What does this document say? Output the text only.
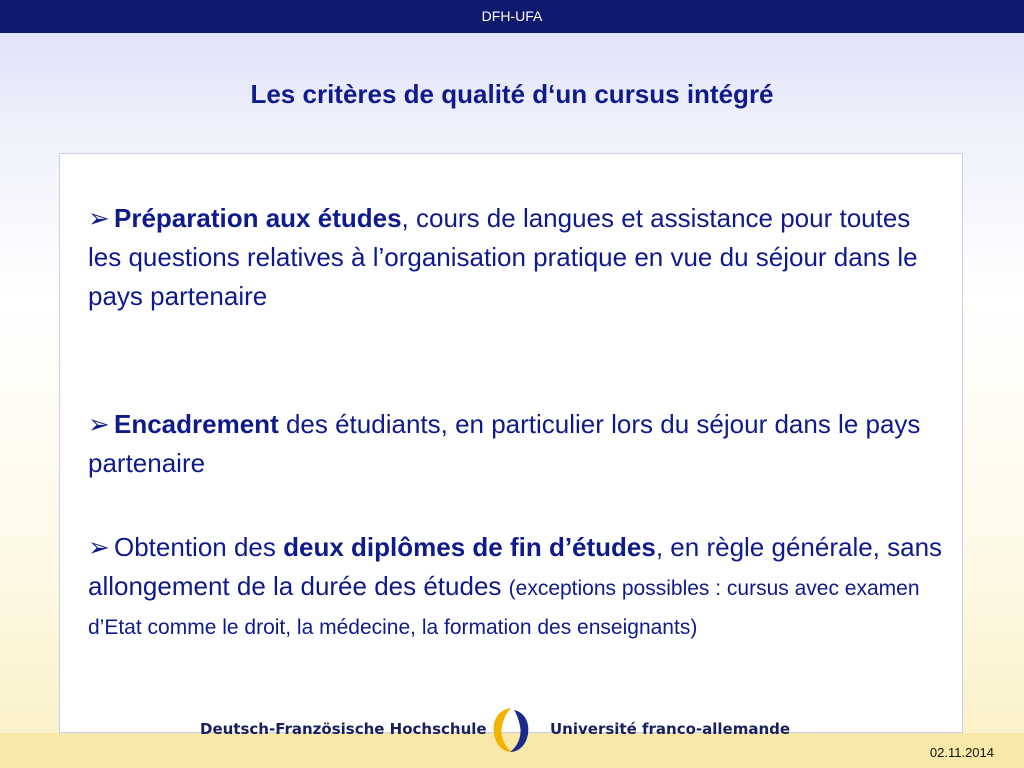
DFH-UFA
Les critères de qualité d‘un cursus intégré

➢ Préparation aux études, cours de langues et assistance pour toutes les questions relatives à l’organisation pratique en vue du séjour dans le pays partenaire

➢ Encadrement des étudiants, en particulier lors du séjour dans le pays partenaire

➢ Obtention des deux diplômes de fin d’études, en règle générale, sans allongement de la durée des études (exceptions possibles : cursus avec examen d’Etat comme le droit, la médecine, la formation des enseignants)

Deutsch-Französische Hochschule	Université franco-allemande
02.11.2014
